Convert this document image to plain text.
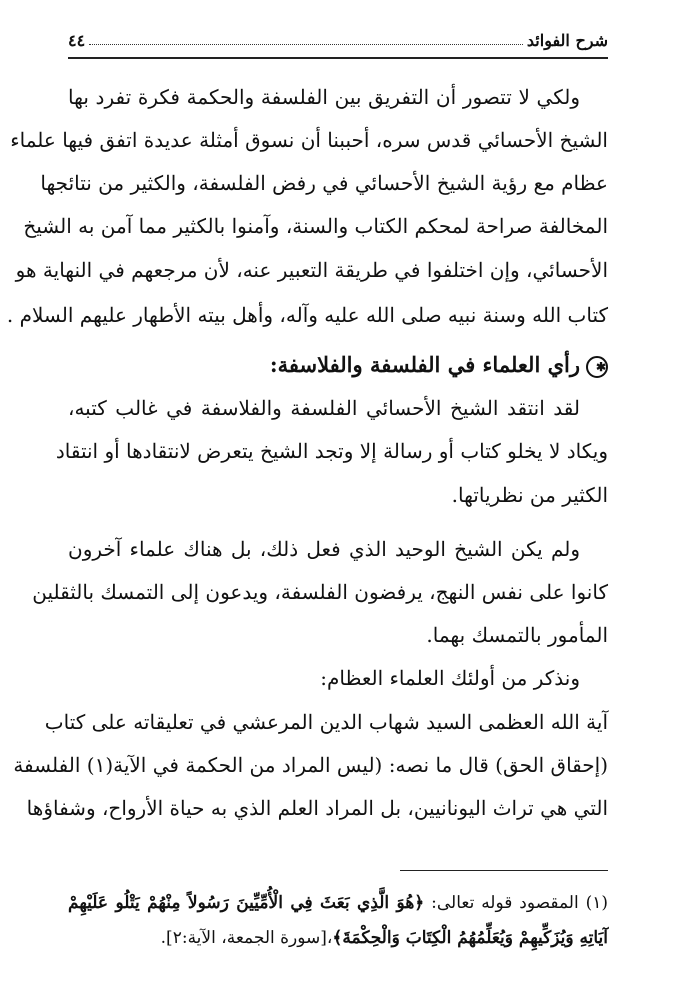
شرح الفوائد
٤٤
ولكي لا تتصور أن التفريق بين الفلسفة والحكمة فكرة تفرد بها
الشيخ الأحسائي قدس سره، أحببنا أن نسوق أمثلة عديدة اتفق فيها علماء
عظام مع رؤية الشيخ الأحسائي في رفض الفلسفة، والكثير من نتائجها
المخالفة صراحة لمحكم الكتاب والسنة، وآمنوا بالكثير مما آمن به الشيخ
الأحسائي، وإن اختلفوا في طريقة التعبير عنه، لأن مرجعهم في النهاية هو
كتاب الله وسنة نبيه صلى الله عليه وآله، وأهل بيته الأطهار عليهم السلام .
✱رأي العلماء في الفلسفة والفلاسفة:
لقد انتقد الشيخ الأحسائي الفلسفة والفلاسفة في غالب كتبه،
ويكاد لا يخلو كتاب أو رسالة إلا وتجد الشيخ يتعرض لانتقادها أو انتقاد
الكثير من نظرياتها.
ولم يكن الشيخ الوحيد الذي فعل ذلك، بل هناك علماء آخرون
كانوا على نفس النهج، يرفضون الفلسفة، ويدعون إلى التمسك بالثقلين
المأمور بالتمسك بهما.
ونذكر من أولئك العلماء العظام:
آية الله العظمى السيد شهاب الدين المرعشي في تعليقاته على كتاب
(إحقاق الحق) قال ما نصه: (ليس المراد من الحكمة في الآية(١) الفلسفة
التي هي تراث اليونانيين، بل المراد العلم الذي به حياة الأرواح، وشفاؤها
(١) المقصود قوله تعالى: ﴿هُوَ الَّذِي بَعَثَ فِي الْأُمِّيِّينَ رَسُولاً مِنْهُمْ يَتْلُو عَلَيْهِمْ
آيَاتِهِ وَيُزَكِّيهِمْ وَيُعَلِّمُهُمُ الْكِتَابَ وَالْحِكْمَةَ﴾،[سورة الجمعة، الآية:٢].
